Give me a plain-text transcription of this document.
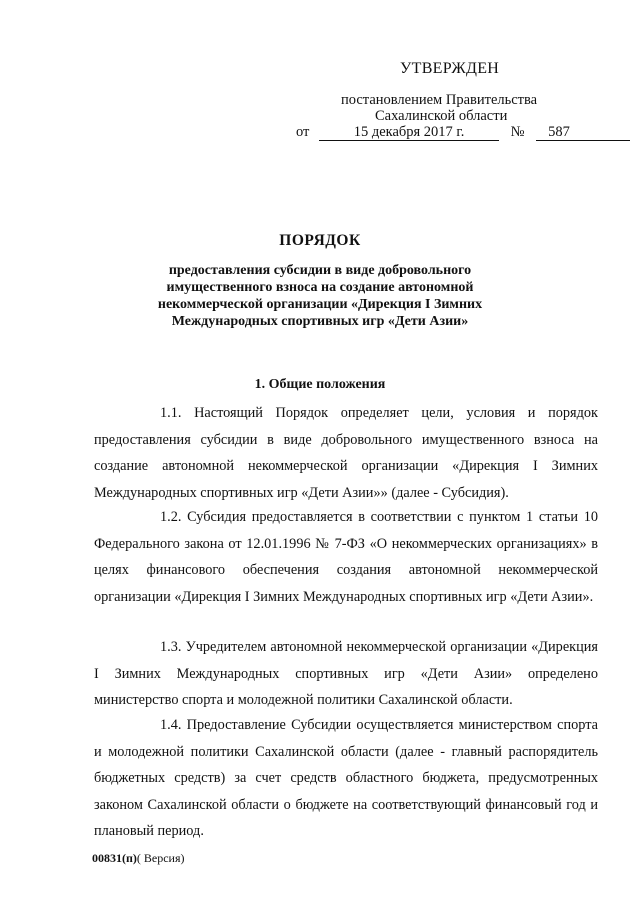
УТВЕРЖДЕН
постановлением Правительства
Сахалинской области
от	15 декабря 2017 г.	№ 587
ПОРЯДОК
предоставления субсидии в виде добровольного
имущественного взноса на создание автономной
некоммерческой организации «Дирекция I Зимних
Международных спортивных игр «Дети Азии»
1. Общие положения

1.1. Настоящий Порядок определяет цели, условия и порядок предоставления субсидии в виде добровольного имущественного взноса на создание автономной некоммерческой организации «Дирекция I Зимних Международных спортивных игр «Дети Азии»» (далее - Субсидия).

1.2. Субсидия предоставляется в соответствии с пунктом 1 статьи 10 Федерального закона от 12.01.1996 № 7-ФЗ «О некоммерческих организациях» в целях финансового обеспечения создания автономной некоммерческой организации «Дирекция I Зимних Международных спортивных игр «Дети Азии».

1.3. Учредителем автономной некоммерческой организации «Дирекция I Зимних Международных спортивных игр «Дети Азии» определено министерство спорта и молодежной политики Сахалинской области.

1.4. Предоставление Субсидии осуществляется министерством спорта и молодежной политики Сахалинской области (далее - главный распорядитель бюджетных средств) за счет средств областного бюджета, предусмотренных законом Сахалинской области о бюджете на соответствующий финансовый год и плановый период.

00831(п)( Версия)
